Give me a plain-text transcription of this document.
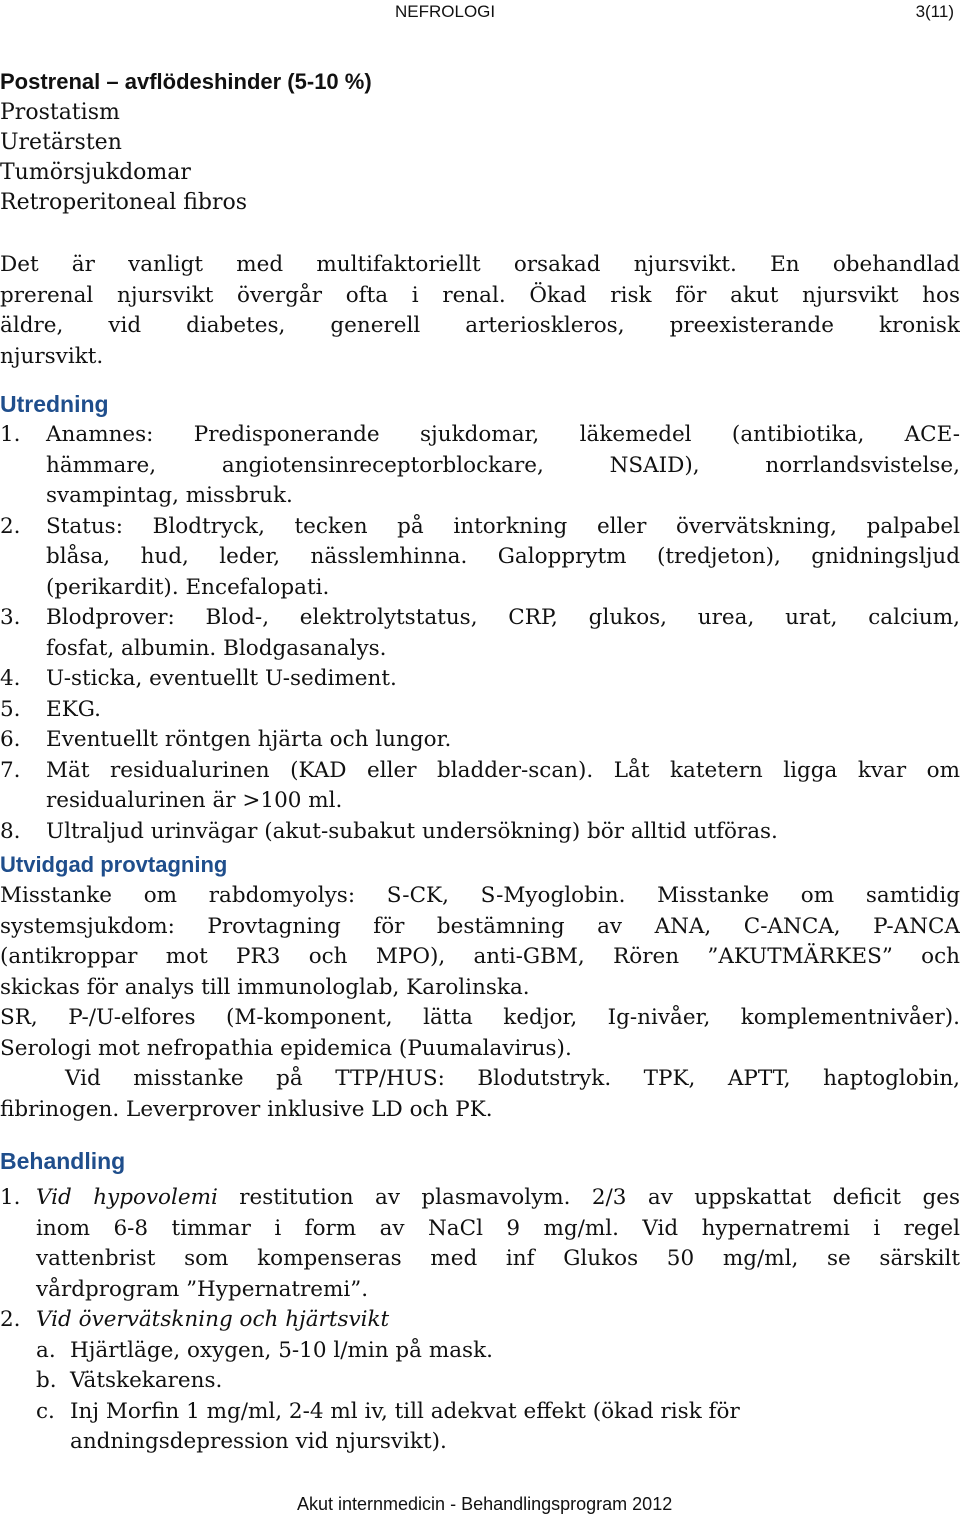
NEFROLOGI	3(11)
Postrenal – avflödeshinder (5-10 %)
Prostatism
Uretärsten
Tumörsjukdomar
Retroperitoneal fibros
Det är vanligt med multifaktoriellt orsakad njursvikt. En obehandlad
prerenal njursvikt övergår ofta i renal. Ökad risk för akut njursvikt hos
äldre, vid diabetes, generell arterioskleros, preexisterande kronisk
njursvikt.
Utredning
1. Anamnes: Predisponerande sjukdomar, läkemedel (antibiotika, ACE-
hämmare, angiotensinreceptorblockare, NSAID), norrlandsvistelse,
svampintag, missbruk.
2. Status: Blodtryck, tecken på intorkning eller övervätskning, palpabel
blåsa, hud, leder, nässlemhinna. Galopprytm (tredjeton), gnidningsljud
(perikardit). Encefalopati.
3. Blodprover: Blod-, elektrolytstatus, CRP, glukos, urea, urat, calcium,
fosfat, albumin. Blodgasanalys.
4. U-sticka, eventuellt U-sediment.
5. EKG.
6. Eventuellt röntgen hjärta och lungor.
7. Mät residualurinen (KAD eller bladder-scan). Låt katetern ligga kvar om
residualurinen är >100 ml.
8. Ultraljud urinvägar (akut-subakut undersökning) bör alltid utföras.
Utvidgad provtagning
Misstanke om rabdomyolys: S-CK, S-Myoglobin. Misstanke om samtidig
systemsjukdom: Provtagning för bestämning av ANA, C-ANCA, P-ANCA
(antikroppar mot PR3 och MPO), anti-GBM, Rören ”AKUTMÄRKES” och
skickas för analys till immunologlab, Karolinska.
SR, P-/U-elfores (M-komponent, lätta kedjor, Ig-nivåer, komplementnivåer).
Serologi mot nefropathia epidemica (Puumalavirus).
Vid misstanke på TTP/HUS: Blodutstryk. TPK, APTT, haptoglobin,
fibrinogen. Leverprover inklusive LD och PK.
Behandling
1. Vid hypovolemi restitution av plasmavolym. 2/3 av uppskattat deficit ges
inom 6-8 timmar i form av NaCl 9 mg/ml. Vid hypernatremi i regel
vattenbrist som kompenseras med inf Glukos 50 mg/ml, se särskilt
vårdprogram ”Hypernatremi”.
2. Vid övervätskning och hjärtsvikt
a. Hjärtläge, oxygen, 5-10 l/min på mask.
b. Vätskekarens.
c. Inj Morfin 1 mg/ml, 2-4 ml iv, till adekvat effekt (ökad risk för
andningsdepression vid njursvikt).
Akut internmedicin - Behandlingsprogram 2012
